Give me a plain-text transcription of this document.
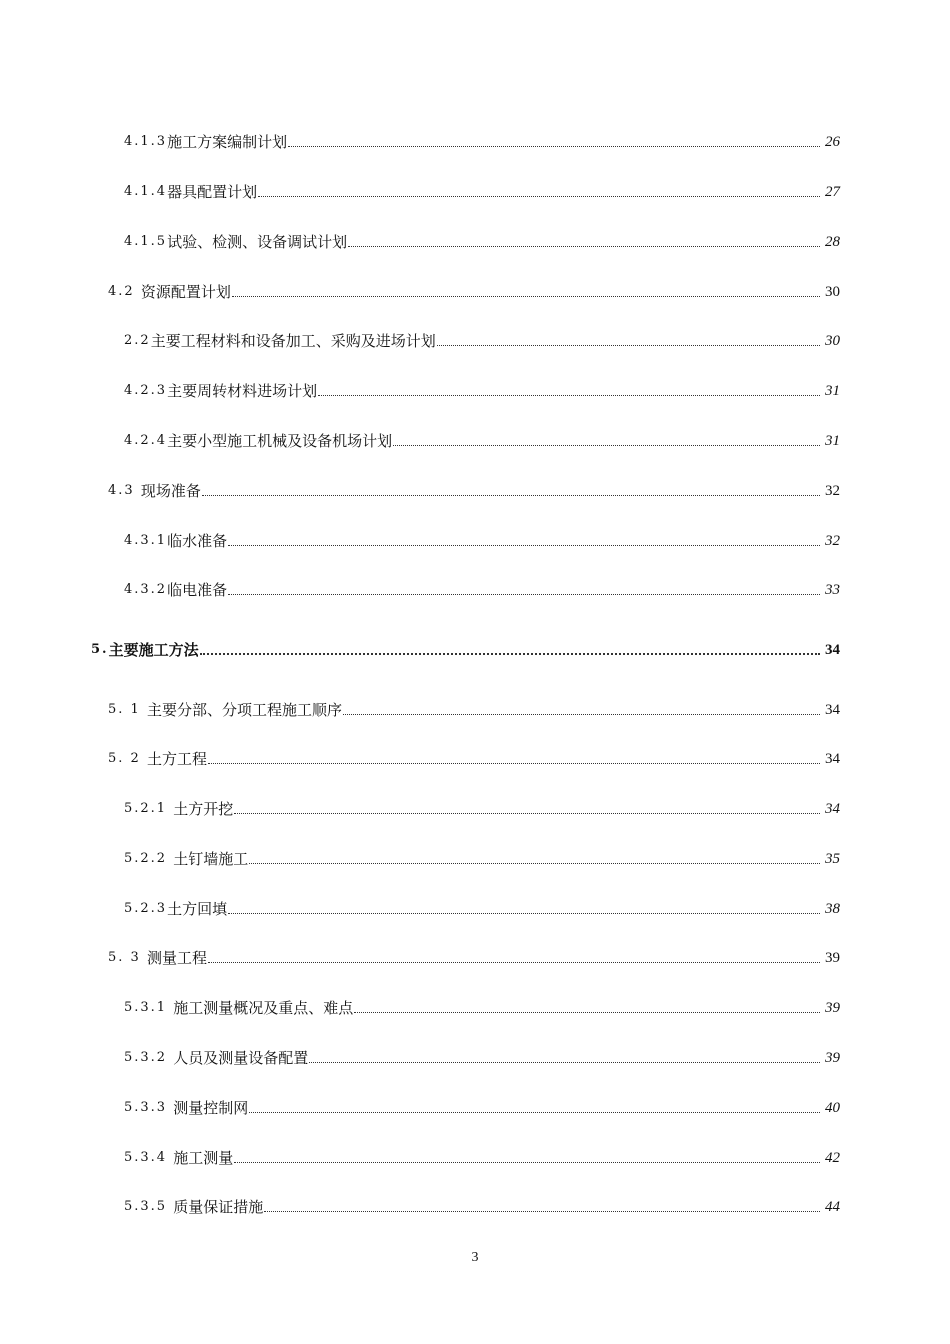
4.1.3 施工方案编制计划	26
4.1.4 器具配置计划	27
4.1.5 试验、检测、设备调试计划	28
4.2 资源配置计划	30
2.2 主要工程材料和设备加工、采购及进场计划	30
4.2.3 主要周转材料进场计划	31
4.2.4 主要小型施工机械及设备机场计划	31
4.3 现场准备	32
4.3.1 临水准备	32
4.3.2 临电准备	33
5. 主要施工方法	34
5. 1 主要分部、分项工程施工顺序	34
5. 2 土方工程	34
5.2.1 土方开挖	34
5.2.2 土钉墙施工	35
5.2.3 土方回填	38
5. 3 测量工程	39
5.3.1 施工测量概况及重点、难点	39
5.3.2 人员及测量设备配置	39
5.3.3 测量控制网	40
5.3.4 施工测量	42
5.3.5 质量保证措施	44
3
